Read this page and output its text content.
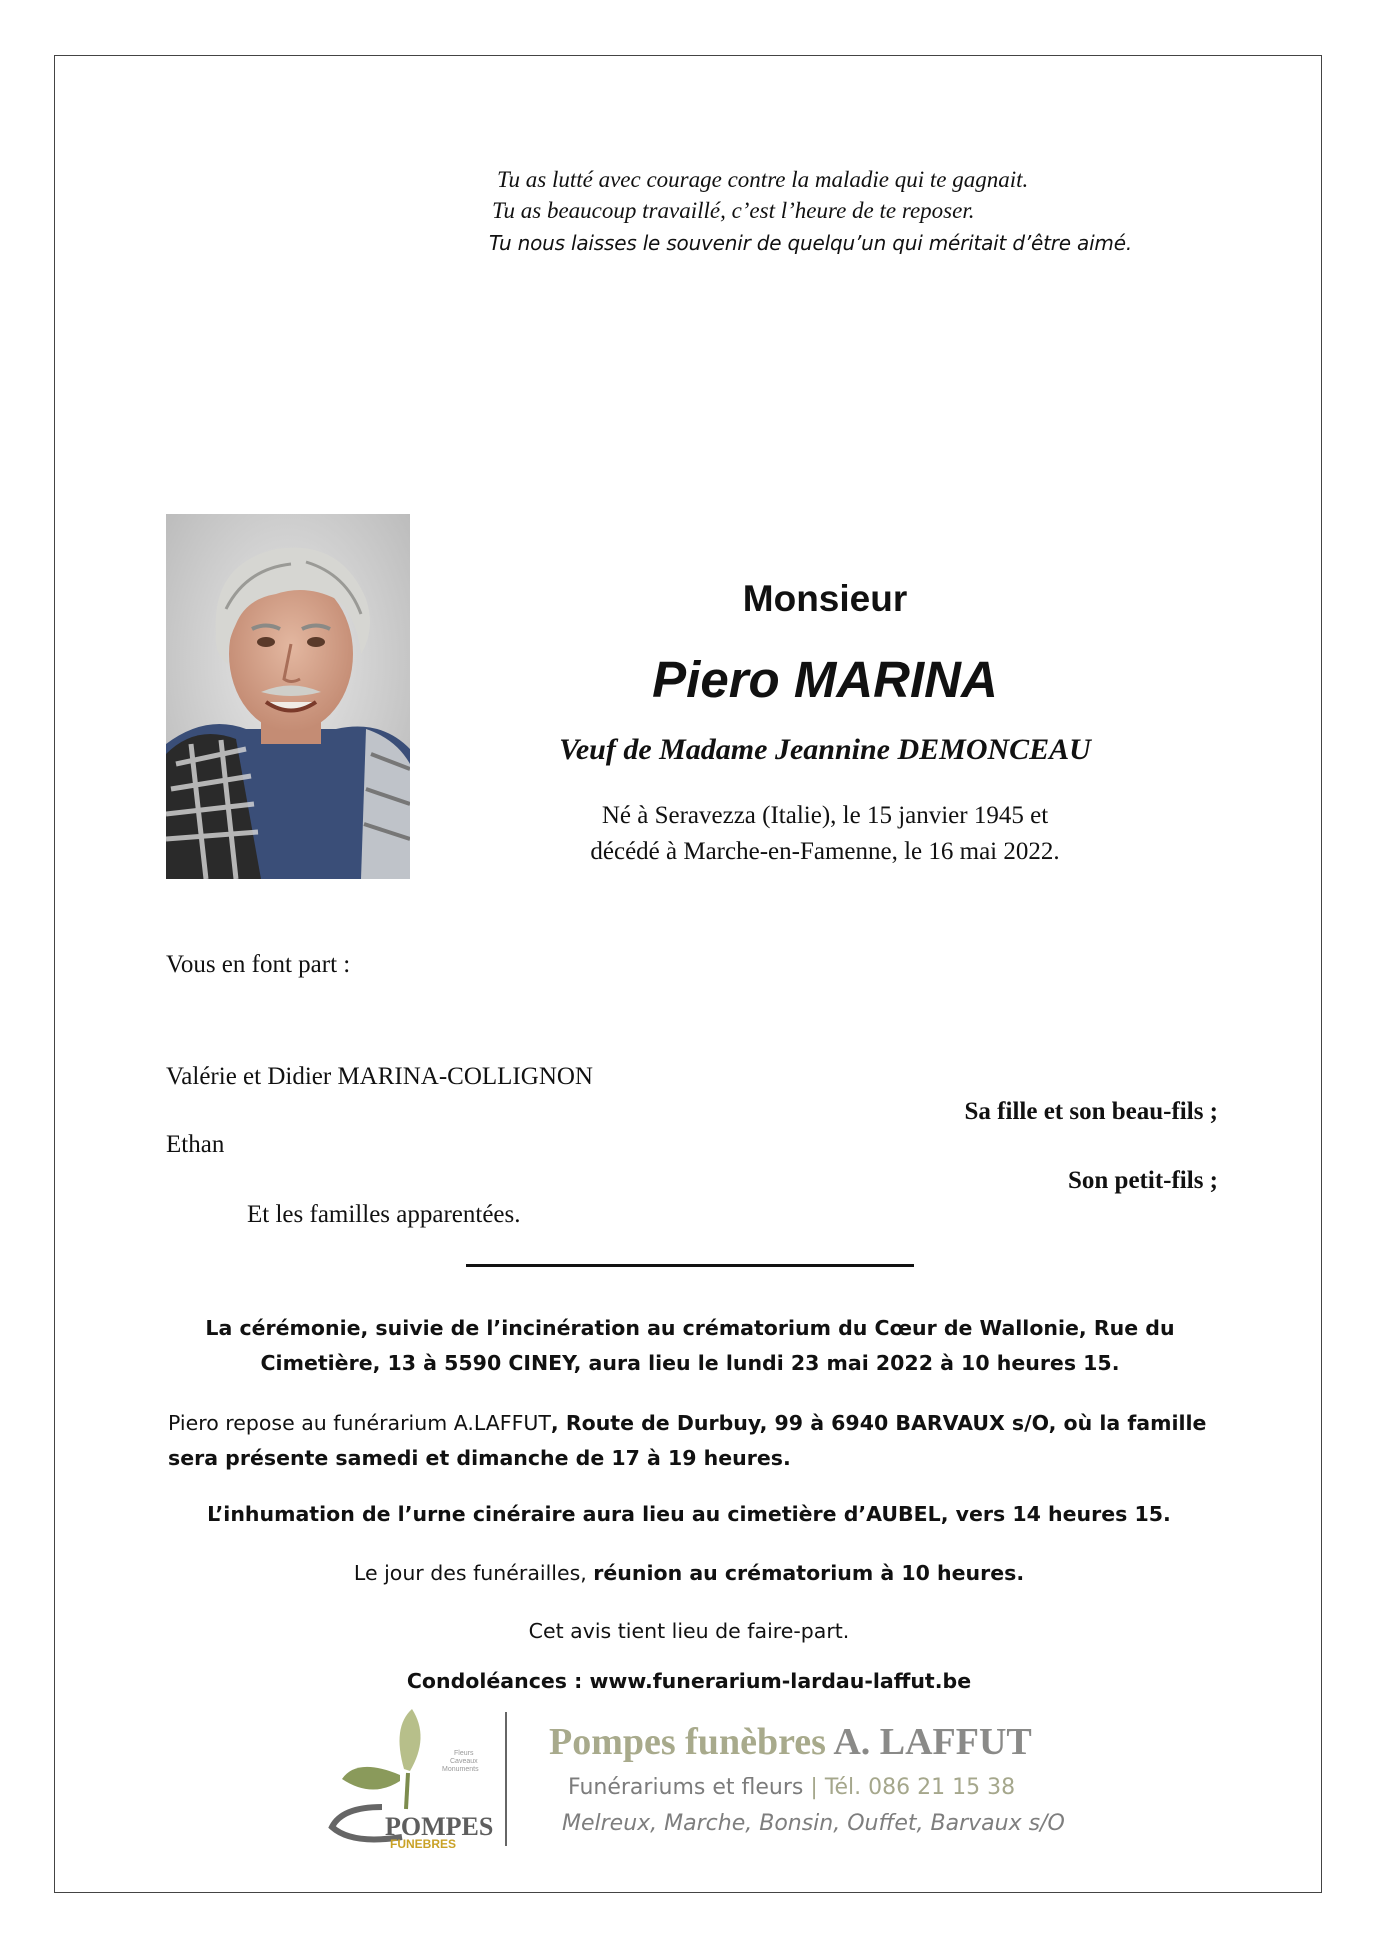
Tu as lutté avec courage contre la maladie qui te gagnait.
Tu as beaucoup travaillé, c’est l’heure de te reposer.
Tu nous laisses le souvenir de quelqu’un qui méritait d’être aimé.
Monsieur
Piero MARINA
Veuf de Madame Jeannine DEMONCEAU
Né à Seravezza (Italie), le 15 janvier 1945 et
décédé à Marche-en-Famenne, le 16 mai 2022.
Vous en font part :
Valérie et Didier MARINA-COLLIGNON
Sa fille et son beau-fils ;
Ethan
Son petit-fils ;
Et les familles apparentées.
La cérémonie, suivie de l’incinération au crématorium du Cœur de Wallonie, Rue du Cimetière, 13 à 5590 CINEY, aura lieu le lundi 23 mai 2022 à 10 heures 15.
Piero repose au funérarium A.LAFFUT, Route de Durbuy, 99 à 6940 BARVAUX s/O, où la famille sera présente samedi et dimanche de 17 à 19 heures.
L’inhumation de l’urne cinéraire aura lieu au cimetière d’AUBEL, vers 14 heures 15.
Le jour des funérailles, réunion au crématorium à 10 heures.
Cet avis tient lieu de faire-part.
Condoléances : www.funerarium-lardau-laffut.be
POMPES
FUNEBRES
Fleurs
Caveaux
Monuments
Pompes funèbres A. LAFFUT
Funérariums et fleurs | Tél. 086 21 15 38
Melreux, Marche, Bonsin, Ouffet, Barvaux s/O
